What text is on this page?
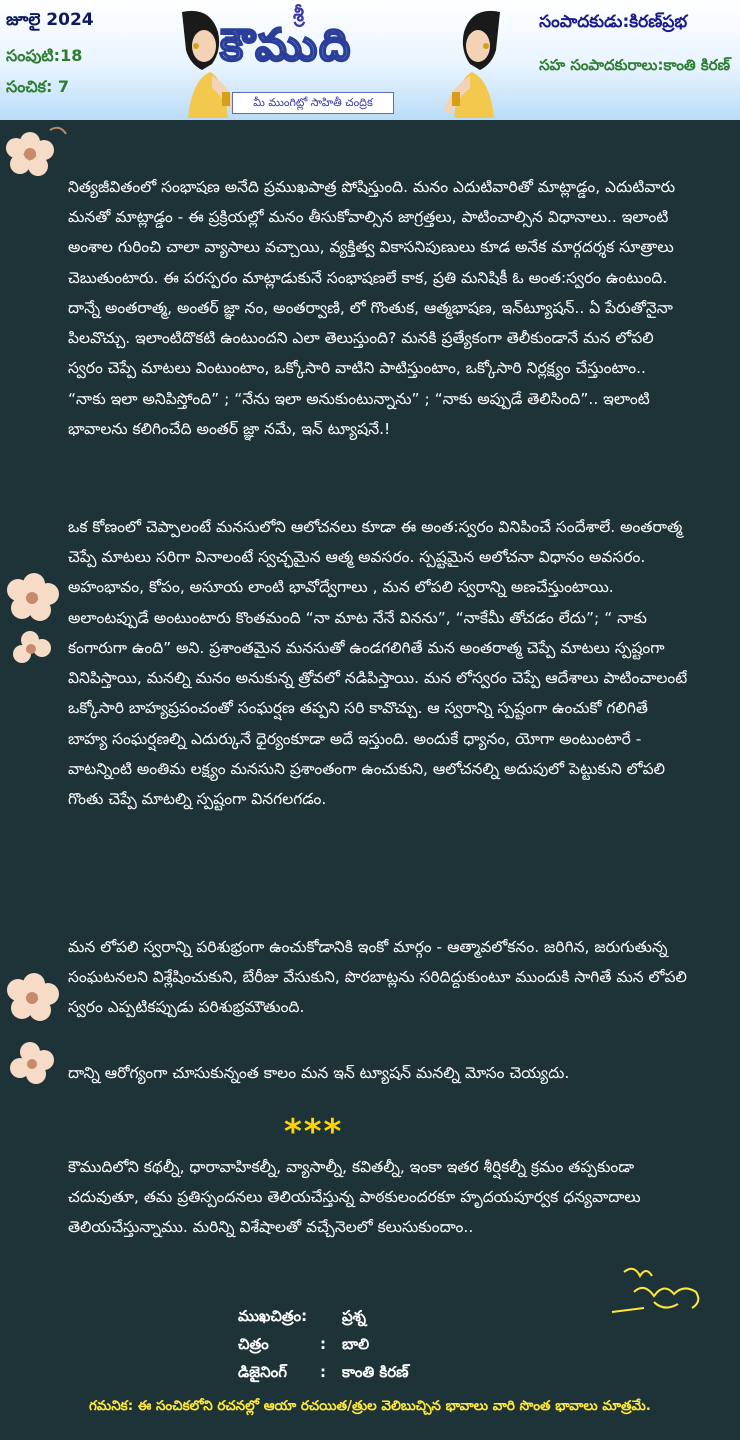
జూలై 2024
సంపుటి:18
సంచిక: 7
శ్రీ
కౌముది
మీ ముంగిట్లో సాహితీ చంద్రిక
సంపాదకుడు:కిరణ్‌ప్రభ
సహ సంపాదకురాలు:కాంతి కిరణ్
నిత్యజీవితంలో సంభాషణ అనేది ప్రముఖపాత్ర పోషిస్తుంది. మనం ఎదుటివారితో మాట్లాడ్డం, ఎదుటివారు మనతో మాట్లాడ్డం - ఈ ప్రక్రియల్లో మనం తీసుకోవాల్సిన జాగ్రత్తలు, పాటించాల్సిన విధానాలు.. ఇలాంటి అంశాల గురించి చాలా వ్యాసాలు వచ్చాయి, వ్యక్తిత్వ వికాసనిపుణులు కూడ అనేక మార్గదర్శక సూత్రాలు చెబుతుంటారు. ఈ పరస్పరం మాట్లాడుకునే సంభాషణలే కాక, ప్రతి మనిషికీ ఓ అంత:స్వరం ఉంటుంది. దాన్నే అంతరాత్మ, అంతర్ జ్ఞా నం, అంతర్వాణి, లో గొంతుక, ఆత్మభాషణ, ఇన్‌ట్యూషన్.. ఏ పేరుతోనైనా పిలవొచ్చు. ఇలాంటిదొకటి ఉంటుందని ఎలా తెలుస్తుంది? మనకి ప్రత్యేకంగా తెలీకుండానే మన లోపలి స్వరం చెప్పే మాటలు వింటుంటాం, ఒక్కోసారి వాటిని పాటిస్తుంటాం, ఒక్కోసారి నిర్లక్ష్యం చేస్తుంటాం.. “నాకు ఇలా అనిపిస్తోంది” ; “నేను ఇలా అనుకుంటున్నాను” ; “నాకు అప్పుడే తెలిసింది”.. ఇలాంటి భావాలను కలిగించేది అంతర్ జ్ఞా నమే, ఇన్ ట్యూషనే.!
ఒక కోణంలో చెప్పాలంటే మనసులోని ఆలోచనలు కూడా ఈ అంత:స్వరం వినిపించే సందేశాలే. అంతరాత్మ చెప్పే మాటలు సరిగా వినాలంటే స్వచ్ఛమైన ఆత్మ అవసరం. స్పష్టమైన అలోచనా విధానం అవసరం. అహంభావం, కోపం, అసూయ లాంటి భావోద్వేగాలు , మన లోపలి స్వరాన్ని అణచేస్తుంటాయి. అలాంటప్పుడే అంటుంటారు కొంతమంది “నా మాట నేనే వినను”, “నాకేమీ తోచడం లేదు”; “ నాకు కంగారుగా ఉంది” అని. ప్రశాంతమైన మనసుతో ఉండగలిగితే మన అంతరాత్మ చెప్పే మాటలు స్పష్టంగా వినిపిస్తాయి, మనల్ని మనం అనుకున్న త్రోవలో నడిపిస్తాయి. మన లోస్వరం చెప్పే ఆదేశాలు పాటించాలంటే ఒక్కోసారి బాహ్యప్రపంచంతో సంఘర్షణ తప్పని సరి కావొచ్చు. ఆ స్వరాన్ని స్పష్టంగా ఉంచుకో గలిగితే బాహ్య సంఘర్షణల్ని ఎదుర్కునే ధైర్యంకూడా అదే ఇస్తుంది. అందుకే ధ్యానం, యోగా అంటుంటారే - వాటన్నింటి అంతిమ లక్ష్యం మనసుని ప్రశాంతంగా ఉంచుకుని, ఆలోచనల్ని అదుపులో పెట్టుకుని లోపలి గొంతు చెప్పే మాటల్ని స్పష్టంగా వినగలగడం.
మన లోపలి స్వరాన్ని పరిశుభ్రంగా ఉంచుకోడానికి ఇంకో మార్గం - ఆత్మావలోకనం. జరిగిన, జరుగుతున్న సంఘటనలని విశ్లేషించుకుని, బేరీజు వేసుకుని, పొరబాట్లను సరిదిద్దుకుంటూ ముందుకి సాగితే మన లోపలి స్వరం ఎప్పటికప్పుడు పరిశుభ్రమౌతుంది.
దాన్ని ఆరోగ్యంగా చూసుకున్నంత కాలం మన ఇన్ ట్యూషన్ మనల్ని మోసం చెయ్యదు.
***
కౌముదిలోని కథల్నీ, ధారావాహికల్నీ, వ్యాసాల్నీ, కవితల్నీ, ఇంకా ఇతర శీర్షికల్నీ క్రమం తప్పకుండా చదువుతూ, తమ ప్రతిస్పందనలు తెలియచేస్తున్న పాఠకులందరకూ హృదయపూర్వక ధన్యవాదాలు తెలియచేస్తున్నాము. మరిన్ని విశేషాలతో వచ్చేనెలలో కలుసుకుందాం..
ముఖచిత్రం: ప్రశ్న
చిత్రం	: బాలి
డిజైనింగ్ : కాంతి కిరణ్
గమనిక: ఈ సంచికలోని రచనల్లో ఆయా రచయిత/త్రుల వెలిబుచ్చిన భావాలు వారి సొంత భావాలు మాత్రమే.
